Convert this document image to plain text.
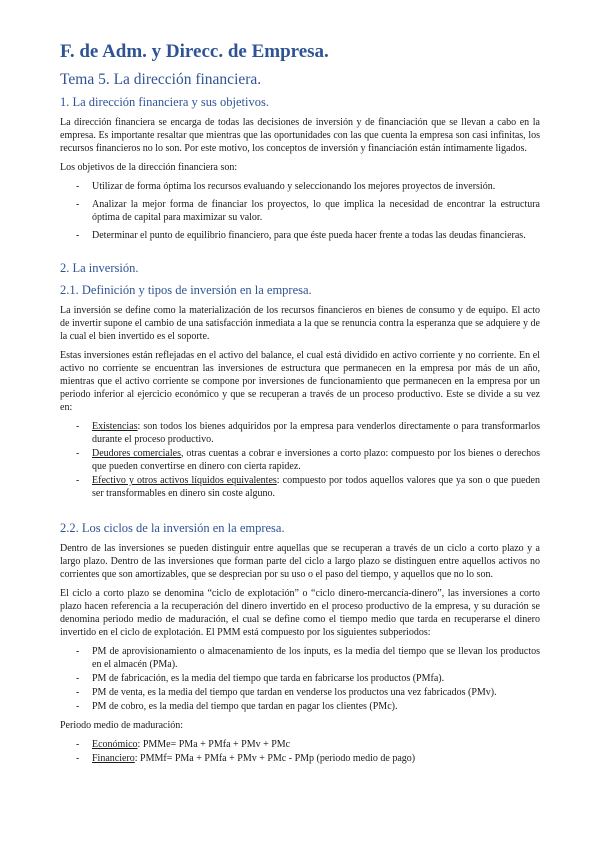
F. de Adm. y Direcc. de Empresa.
Tema 5. La dirección financiera.
1. La dirección financiera y sus objetivos.

La dirección financiera se encarga de todas las decisiones de inversión y de financiación que se llevan a cabo en la empresa. Es importante resaltar que mientras que las oportunidades con las que cuenta la empresa son casi infinitas, los recursos financieros no lo son. Por este motivo, los conceptos de inversión y financiación están íntimamente ligados.

Los objetivos de la dirección financiera son:

- Utilizar de forma óptima los recursos evaluando y seleccionando los mejores proyectos de inversión.
- Analizar la mejor forma de financiar los proyectos, lo que implica la necesidad de encontrar la estructura óptima de capital para maximizar su valor.
- Determinar el punto de equilibrio financiero, para que éste pueda hacer frente a todas las deudas financieras.
2. La inversión.
2.1. Definición y tipos de inversión en la empresa.

La inversión se define como la materialización de los recursos financieros en bienes de consumo y de equipo. El acto de invertir supone el cambio de una satisfacción inmediata a la que se renuncia contra la esperanza que se adquiere y de la cual el bien invertido es el soporte.

Estas inversiones están reflejadas en el activo del balance, el cual está dividido en activo corriente y no corriente. En el activo no corriente se encuentran las inversiones de estructura que permanecen en la empresa por más de un año, mientras que el activo corriente se compone por inversiones de funcionamiento que permanecen en la empresa por un periodo inferior al ejercicio económico y que se recuperan a través de un proceso productivo. Este se divide a su vez en:

- Existencias: son todos los bienes adquiridos por la empresa para venderlos directamente o para transformarlos durante el proceso productivo.
- Deudores comerciales, otras cuentas a cobrar e inversiones a corto plazo: compuesto por los bienes o derechos que pueden convertirse en dinero con cierta rapidez.
- Efectivo y otros activos líquidos equivalentes: compuesto por todos aquellos valores que ya son o que pueden ser transformables en dinero sin coste alguno.
2.2. Los ciclos de la inversión en la empresa.

Dentro de las inversiones se pueden distinguir entre aquellas que se recuperan a través de un ciclo a corto plazo y a largo plazo. Dentro de las inversiones que forman parte del ciclo a largo plazo se distinguen entre aquellos activos no corrientes que son amortizables, que se desprecian por su uso o el paso del tiempo, y aquellos que no lo son.

El ciclo a corto plazo se denomina “ciclo de explotación” o “ciclo dinero-mercancía-dinero”, las inversiones a corto plazo hacen referencia a la recuperación del dinero invertido en el proceso productivo de la empresa, y su duración se denomina periodo medio de maduración, el cual se define como el tiempo medio que tarda en recuperarse el dinero invertido en el ciclo de explotación. El PMM está compuesto por los siguientes subperiodos:

- PM de aprovisionamiento o almacenamiento de los inputs, es la media del tiempo que se llevan los productos en el almacén (PMa).
- PM de fabricación, es la media del tiempo que tarda en fabricarse los productos (PMfa).
- PM de venta, es la media del tiempo que tardan en venderse los productos una vez fabricados (PMv).
- PM de cobro, es la media del tiempo que tardan en pagar los clientes (PMc).

Periodo medio de maduración:

- Económico: PMMe= PMa + PMfa + PMv + PMc
- Financiero: PMMf= PMa + PMfa + PMv + PMc - PMp (periodo medio de pago)
